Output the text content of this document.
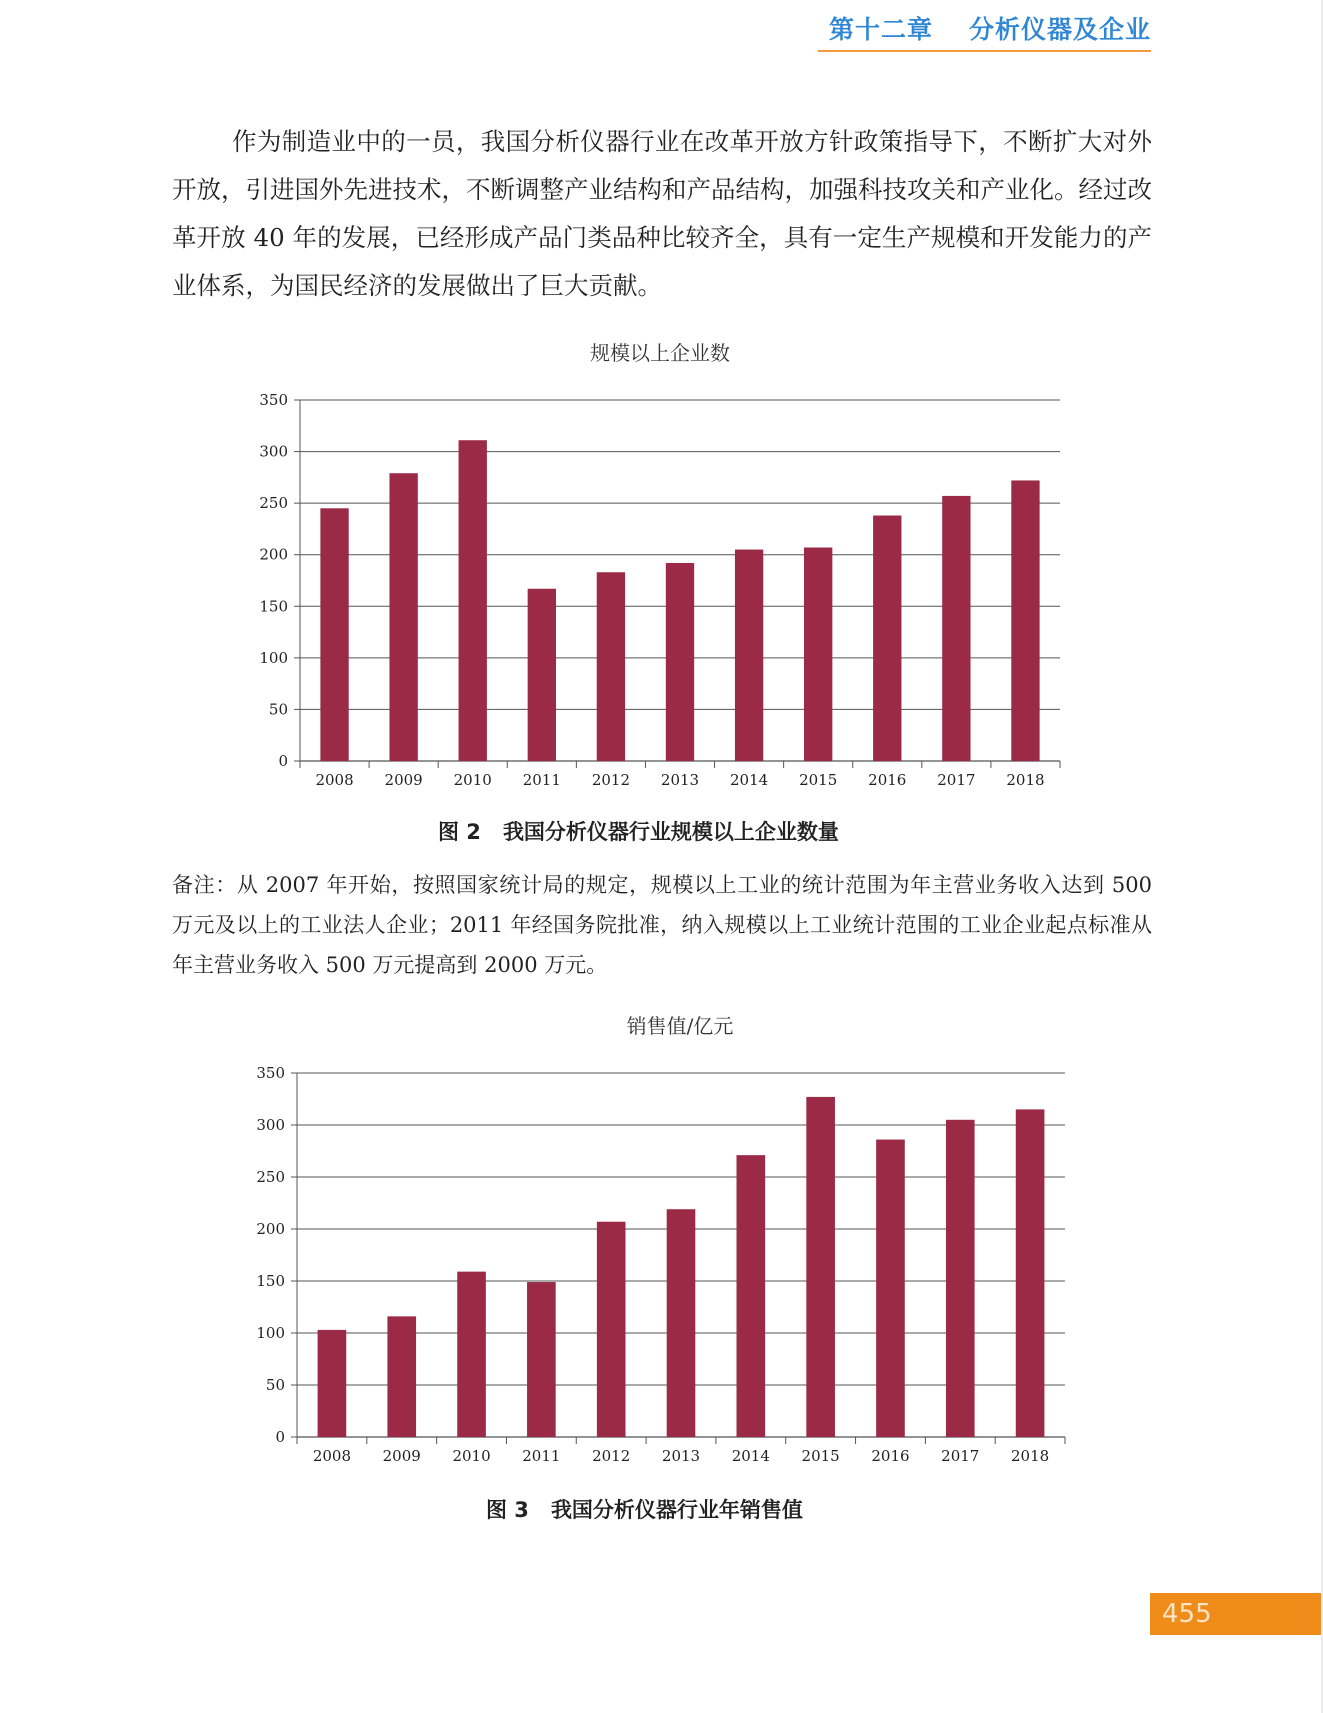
第十二章 分析仪器及企业

作为制造业中的一员，我国分析仪器行业在改革开放方针政策指导下，不断扩大对外开放，引进国外先进技术，不断调整产业结构和产品结构，加强科技攻关和产业化。经过改革开放 40 年的发展，已经形成产品门类品种比较齐全，具有一定生产规模和开发能力的产业体系，为国民经济的发展做出了巨大贡献。

规模以上企业数
0
50
100
150
200
250
300
350
2008 2009 2010 2011 2012 2013 2014 2015 2016 2017 2018
图 2 我国分析仪器行业规模以上企业数量

备注：从 2007 年开始，按照国家统计局的规定，规模以上工业的统计范围为年主营业务收入达到 500 万元及以上的工业法人企业；2011 年经国务院批准，纳入规模以上工业统计范围的工业企业起点标准从年主营业务收入 500 万元提高到 2000 万元。

销售值/亿元
0
50
100
150
200
250
300
350
2008 2009 2010 2011 2012 2013 2014 2015 2016 2017 2018
图 3 我国分析仪器行业年销售值
455
